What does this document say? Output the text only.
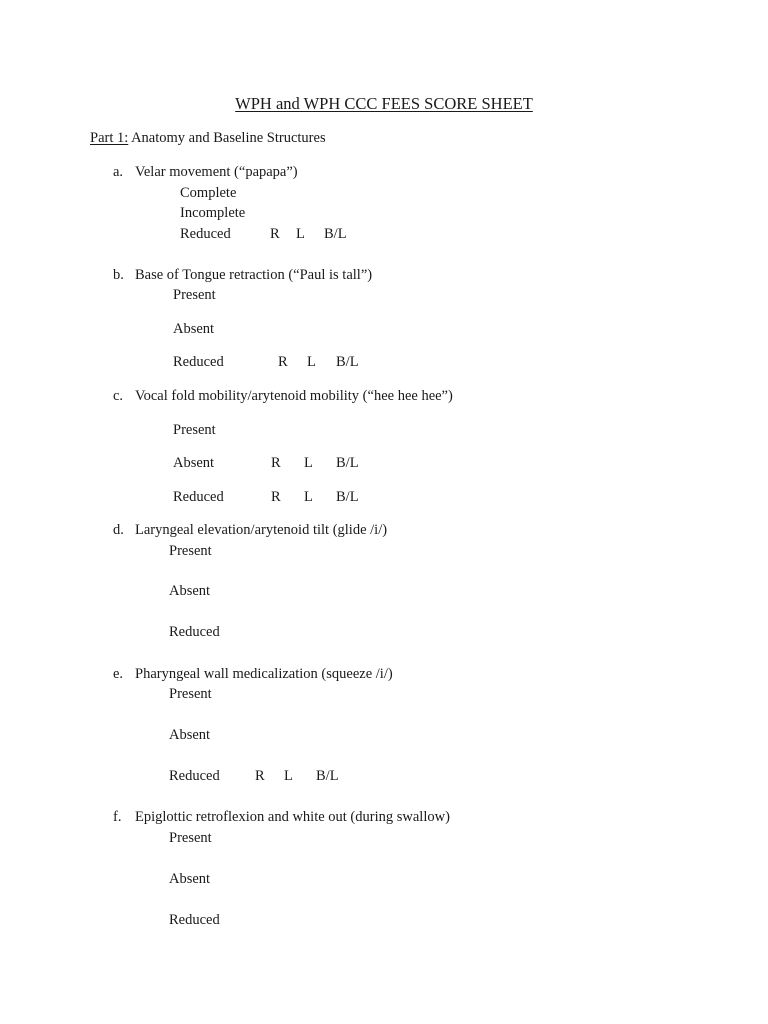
WPH and WPH CCC FEES SCORE SHEET
Part 1: Anatomy and Baseline Structures
a. Velar movement (“papapa”)
Complete
Incomplete
Reduced	R L B/L
b. Base of Tongue retraction (“Paul is tall”)
Present
Absent
Reduced	R L B/L
c. Vocal fold mobility/arytenoid mobility (“hee hee hee”)
Present
Absent	R L B/L
Reduced	R L B/L
d. Laryngeal elevation/arytenoid tilt (glide /i/)
Present
Absent
Reduced
e. Pharyngeal wall medicalization (squeeze /i/)
Present
Absent
Reduced R L B/L
f. Epiglottic retroflexion and white out (during swallow)
Present
Absent
Reduced
